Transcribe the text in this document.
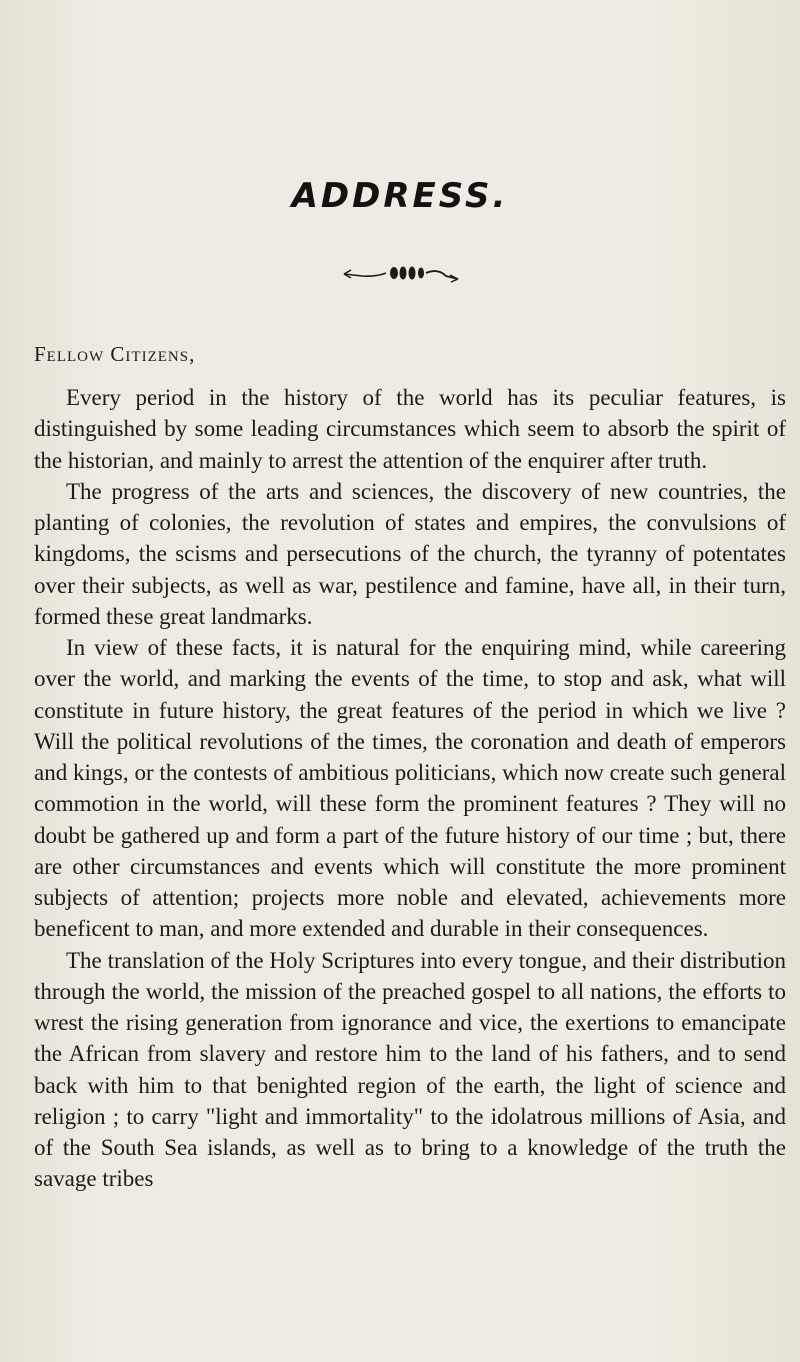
ADDRESS.
Fellow Citizens,

Every period in the history of the world has its peculiar features, is distinguished by some leading circumstances which seem to absorb the spirit of the historian, and mainly to arrest the attention of the enquirer after truth.

The progress of the arts and sciences, the discovery of new countries, the planting of colonies, the revolution of states and empires, the convulsions of kingdoms, the scisms and persecutions of the church, the tyranny of potentates over their subjects, as well as war, pestilence and famine, have all, in their turn, formed these great landmarks.

In view of these facts, it is natural for the enquiring mind, while careering over the world, and marking the events of the time, to stop and ask, what will constitute in future history, the great features of the period in which we live ? Will the political revolutions of the times, the coronation and death of emperors and kings, or the contests of ambitious politicians, which now create such general commotion in the world, will these form the prominent features ? They will no doubt be gathered up and form a part of the future history of our time ; but, there are other circumstances and events which will constitute the more prominent subjects of attention; projects more noble and elevated, achievements more beneficent to man, and more extended and durable in their consequences.

The translation of the Holy Scriptures into every tongue, and their distribution through the world, the mission of the preached gospel to all nations, the efforts to wrest the rising generation from ignorance and vice, the exertions to emancipate the African from slavery and restore him to the land of his fathers, and to send back with him to that benighted region of the earth, the light of science and religion ; to carry "light and immortality" to the idolatrous millions of Asia, and of the South Sea islands, as well as to bring to a knowledge of the truth the savage tribes
